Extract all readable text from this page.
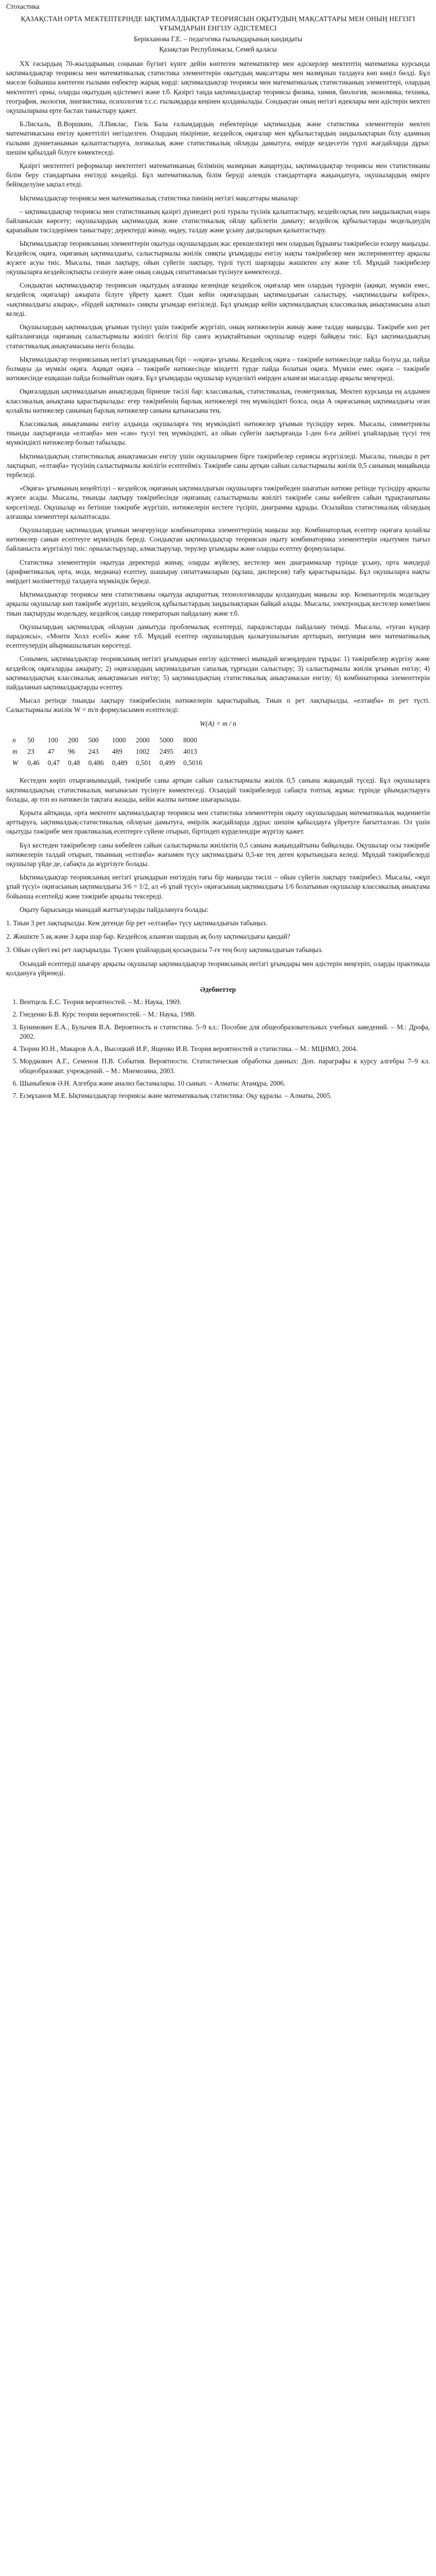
Стохастика
ҚАЗАҚСТАН ОРТА МЕКТЕПТЕРІНДЕ ЫҚТИМАЛДЫҚТАР ТЕОРИЯСЫН ОҚЫТУДЫҢ МАҚСАТТАРЫ МЕН ОНЫҢ НЕГІЗГІ ҰҒЫМДАРЫН ЕНГІЗУ ӘДІСТЕМЕСІ
Берікханова Г.Е. – педагогика ғылымдарының кандидаты
Қазақстан Республикасы, Семей қаласы

XX ғасырдың 70-жылдарының соңынан бүгінгі күнге дейін көптеген математиктер мен әдіскерлер мектептің математика курсында ықтималдықтар теориясы мен математикалық статистика элементтерін оқытудың мақсаттары мен мазмұнын талдауға көп көңіл бөлді. Бұл мәселе бойынша көптеген ғылыми еңбектер жарық көрді: ықтималдықтар теориясы мен математикалық статистиканың элементтері, олардың мектептегі орны, оларды оқытудың әдістемесі және т.б. Қазіргі таңда ықтималдықтар теориясы физика, химия, биология, экономика, техника, география, экология, лингвистика, психология т.с.с. ғылымдарда кеңінен қолданылады. Сондықтан оның негізгі идеялары мен әдістерін мектеп оқушыларына ерте бастан таныстыру қажет.

Б.Лисхаль, В.Воршкин, Л.Пиклас, Гиль Бала ғалымдардың еңбектерінде ықтималдық және статистика элементтерін мектеп математикасына енгізу қажеттілігі негізделген. Олардың пікірінше, кездейсоқ оқиғалар мен құбылыстардың заңдылықтарын білу адамның ғылыми дүниетанымын қалыптастыруға, логикалық және статистикалық ойлауды дамытуға, өмірде кездесетін түрлі жағдайларда дұрыс шешім қабылдай білуге көмектеседі.

Қазіргі мектептегі реформалар мектептегі математиканың білімінің мазмұнын жаңартуды, ықтималдықтар теориясы мен статистиканы білім беру стандартына енгізуді көздейді. Бұл математикалық білім беруді әлемдік стандарттарға жақындатуға, оқушылардың өмірге бейімделуіне ықпал етеді.

Ықтималдықтар теориясы мен математикалық статистика пәнінің негізгі мақсаттары мыналар:

– ықтималдықтар теориясы мен статистиканың қазіргі дүниедегі ролі туралы түсінік қалыптастыру, кездейсоқтық пен заңдылықтың өзара байланысын көрсету; оқушылардың ықтималдық және статистикалық ойлау қабілетін дамыту; кездейсоқ құбылыстарды модельдеудің қарапайым тәсілдерімен таныстыру; деректерді жинау, өңдеу, талдау және ұсыну дағдыларын қалыптастыру.

Ықтималдықтар теориясының элементтерін оқытуда оқушылардың жас ерекшеліктері мен олардың бұрынғы тәжірибесін ескеру маңызды. Кездейсоқ оқиға, оқиғаның ықтималдығы, салыстырмалы жиілік сияқты ұғымдарды енгізу нақты тәжірибелер мен эксперименттер арқылы жүзеге асуы тиіс. Мысалы, тиын лақтыру, ойын сүйегін лақтыру, түрлі түсті шарларды жәшіктен алу және т.б. Мұндай тәжірибелер оқушыларға кездейсоқтықты сезінуге және оның сандық сипаттамасын түсінуге көмектеседі.

Сондықтан ықтималдықтар теориясын оқытудың алғашқы кезеңінде кездейсоқ оқиғалар мен олардың түрлерін (ақиқат, мүмкін емес, кездейсоқ оқиғалар) ажырата білуге үйрету қажет. Одан кейін оқиғалардың ықтималдығын салыстыру, «ықтималдығы көбірек», «ықтималдығы азырақ», «бірдей ықтимал» сияқты ұғымдар енгізіледі. Бұл ұғымдар кейін ықтималдықтың классикалық анықтамасына алып келеді.

Оқушылардың ықтималдық ұғымын түсінуі үшін тәжірибе жүргізіп, оның нәтижелерін жинау және талдау маңызды. Тәжірибе көп рет қайталанғанда оқиғаның салыстырмалы жиілігі белгілі бір санға жуықтайтынын оқушылар өздері байқауы тиіс. Бұл ықтималдықтың статистикалық анықтамасына негіз болады.

Ықтималдықтар теориясының негізгі ұғымдарының бірі – «оқиға» ұғымы. Кездейсоқ оқиға – тәжірибе нәтижесінде пайда болуы да, пайда болмауы да мүмкін оқиға. Ақиқат оқиға – тәжірибе нәтижесінде міндетті түрде пайда болатын оқиға. Мүмкін емес оқиға – тәжірибе нәтижесінде ешқашан пайда болмайтын оқиға. Бұл ұғымдарды оқушылар күнделікті өмірден алынған мысалдар арқылы меңгереді.

Оқиғалардың ықтималдығын анықтаудың бірнеше тәсілі бар: классикалық, статистикалық, геометриялық. Мектеп курсында ең алдымен классикалық анықтама қарастырылады: егер тәжірибенің барлық нәтижелері тең мүмкіндікті болса, онда А оқиғасының ықтималдығы оған қолайлы нәтижелер санының барлық нәтижелер санына қатынасына тең.

Классикалық анықтаманы енгізу алдында оқушыларға тең мүмкіндікті нәтижелер ұғымын түсіндіру керек. Мысалы, симметриялы тиынды лақтырғанда «елтаңба» мен «сан» түсуі тең мүмкіндікті, ал ойын сүйегін лақтырғанда 1-ден 6-ға дейінгі ұпайлардың түсуі тең мүмкіндікті нәтижелер болып табылады.

Ықтималдықтың статистикалық анықтамасын енгізу үшін оқушылармен бірге тәжірибелер сериясы жүргізіледі. Мысалы, тиынды n рет лақтырып, «елтаңба» түсуінің салыстырмалы жиілігін есептейміз. Тәжірибе саны артқан сайын салыстырмалы жиілік 0,5 санының маңайында тербеледі.

«Оқиға» ұғымының кеңейтілуі – кездейсоқ оқиғаның ықтималдығын оқушыларға тәжірибеден шығатын нәтиже ретінде түсіндіру арқылы жүзеге асады. Мысалы, тиынды лақтыру тәжірибесінде оқиғаның салыстырмалы жиілігі тәжірибе саны көбейген сайын тұрақтанатыны көрсетіледі. Оқушылар өз бетінше тәжірибе жүргізіп, нәтижелерін кестеге түсіріп, диаграмма құрады. Осылайша статистикалық ойлаудың алғашқы элементтері қалыптасады.

Оқушылардың ықтималдық ұғымын меңгеруінде комбинаторика элементтерінің маңызы зор. Комбинаторлық есептер оқиғаға қолайлы нәтижелер санын есептеуге мүмкіндік береді. Сондықтан ықтималдықтар теориясын оқыту комбинаторика элементтерін оқытумен тығыз байланыста жүргізілуі тиіс: орналастырулар, алмастырулар, терулер ұғымдары және оларды есептеу формулалары.

Статистика элементтерін оқытуда деректерді жинау, оларды жүйелеу, кестелер мен диаграммалар түрінде ұсыну, орта мәндерді (арифметикалық орта, мода, медиана) есептеу, шашырау сипаттамаларын (құлаш, дисперсия) табу қарастырылады. Бұл оқушыларға нақты өмірдегі мәліметтерді талдауға мүмкіндік береді.

Ықтималдықтар теориясы мен статистиканы оқытуда ақпараттық технологияларды қолданудың маңызы зор. Компьютерлік модельдеу арқылы оқушылар көп тәжірибе жүргізіп, кездейсоқ құбылыстардың заңдылықтарын байқай алады. Мысалы, электрондық кестелер көмегімен тиын лақтыруды модельдеу, кездейсоқ сандар генераторын пайдалану және т.б.

Оқушылардың ықтималдық ойлауын дамытуда проблемалық есептерді, парадокстарды пайдалану тиімді. Мысалы, «туған күндер парадоксы», «Монти Холл есебі» және т.б. Мұндай есептер оқушылардың қызығушылығын арттырып, интуиция мен математикалық есептеулердің айырмашылығын көрсетеді.

Сонымен, ықтималдықтар теориясының негізгі ұғымдарын енгізу әдістемесі мынадай кезеңдерден тұрады: 1) тәжірибелер жүргізу және кездейсоқ оқиғаларды ажырату; 2) оқиғалардың ықтималдығын сапалық тұрғыдан салыстыру; 3) салыстырмалы жиілік ұғымын енгізу; 4) ықтималдықтың классикалық анықтамасын енгізу; 5) ықтималдықтың статистикалық анықтамасын енгізу; 6) комбинаторика элементтерін пайдаланып ықтималдықтарды есептеу.

Мысал ретінде тиынды лақтыру тәжірибесінің нәтижелерін қарастырайық. Тиын n рет лақтырылды, «елтаңба» m рет түсті. Салыстырмалы жиілік W = m/n формуласымен есептеледі:

W(A) = m / n
n	50	100	200	500	1000	2000	5000	8000
m	23	47	96	243	489	1002	2495	4013
W	0,46	0,47	0,48	0,486	0,489	0,501	0,499	0,5016

Кестеден көріп отырғанымыздай, тәжірибе саны артқан сайын салыстырмалы жиілік 0,5 санына жақындай түседі. Бұл оқушыларға ықтималдықтың статистикалық мағынасын түсінуге көмектеседі. Осындай тәжірибелерді сабақта топтық жұмыс түрінде ұйымдастыруға болады, әр топ өз нәтижесін тақтаға жазады, кейін жалпы нәтиже шығарылады.

Қорыта айтқанда, орта мектепте ықтималдықтар теориясы мен статистика элементтерін оқыту оқушылардың математикалық мәдениетін арттыруға, ықтималдық-статистикалық ойлауын дамытуға, өмірлік жағдайларда дұрыс шешім қабылдауға үйретуге бағытталған. Ол үшін оқытуды тәжірибе мен практикалық есептерге сүйене отырып, біртіндеп күрделендіре жүргізу қажет.

Бүл кестеден тәжірибелер саны көбейген сайын салыстырмалы жиіліктің 0,5 санына жақындайтыны байқалады. Оқушылар осы тәжірибе нәтижелерін талдай отырып, тиынның «елтаңба» жағымен түсу ықтималдығы 0,5-ке тең деген қорытындыға келеді. Мұндай тәжірибелерді оқушылар үйде де, сабақта да жүргізуге болады.

Ықтималдықтар теориясының негізгі ұғымдарын енгізудің тағы бір маңызды тәсілі – ойын сүйегін лақтыру тәжірибесі. Мысалы, «жұп ұпай түсуі» оқиғасының ықтималдығы 3/6 = 1/2, ал «6 ұпай түсуі» оқиғасының ықтималдығы 1/6 болатынын оқушылар классикалық анықтама бойынша есептейді және тәжірибе арқылы тексереді.

Оқыту барысында мынадай жаттығуларды пайдалануға болады:

1. Тиын 3 рет лақтырылды. Кем дегенде бір рет «елтаңба» түсу ықтималдығын табыңыз.

2. Жәшікте 5 ақ және 3 қара шар бар. Кездейсоқ алынған шардың ақ болу ықтималдығы қандай?

3. Ойын сүйегі екі рет лақтырылды. Түскен ұпайлардың қосындысы 7-ге тең болу ықтималдығын табыңыз.

Осындай есептерді шығару арқылы оқушылар ықтималдықтар теориясының негізгі ұғымдары мен әдістерін меңгеріп, оларды практикада қолдануға үйренеді.

Әдебиеттер
1. Вентцель Е.С. Теория вероятностей. – М.: Наука, 1969.
2. Гнеденко Б.В. Курс теории вероятностей. – М.: Наука, 1988.
3. Бунимович Е.А., Булычев В.А. Вероятность и статистика. 5–9 кл.: Пособие для общеобразовательных учебных заведений. – М.: Дрофа, 2002.
4. Тюрин Ю.Н., Макаров А.А., Высоцкий И.Р., Ященко И.В. Теория вероятностей и статистика. – М.: МЦНМО, 2004.
5. Мордкович А.Г., Семенов П.В. События. Вероятности. Статистическая обработка данных: Доп. параграфы к курсу алгебры 7–9 кл. общеобразоват. учреждений. – М.: Мнемозина, 2003.
6. Шыныбеков Ә.Н. Алгебра және анализ бастамалары. 10 сынып. – Алматы: Атамұра, 2006.
7. Есмұханов М.Е. Ықтималдықтар теориясы және математикалық статистика: Оқу құралы. – Алматы, 2005.
